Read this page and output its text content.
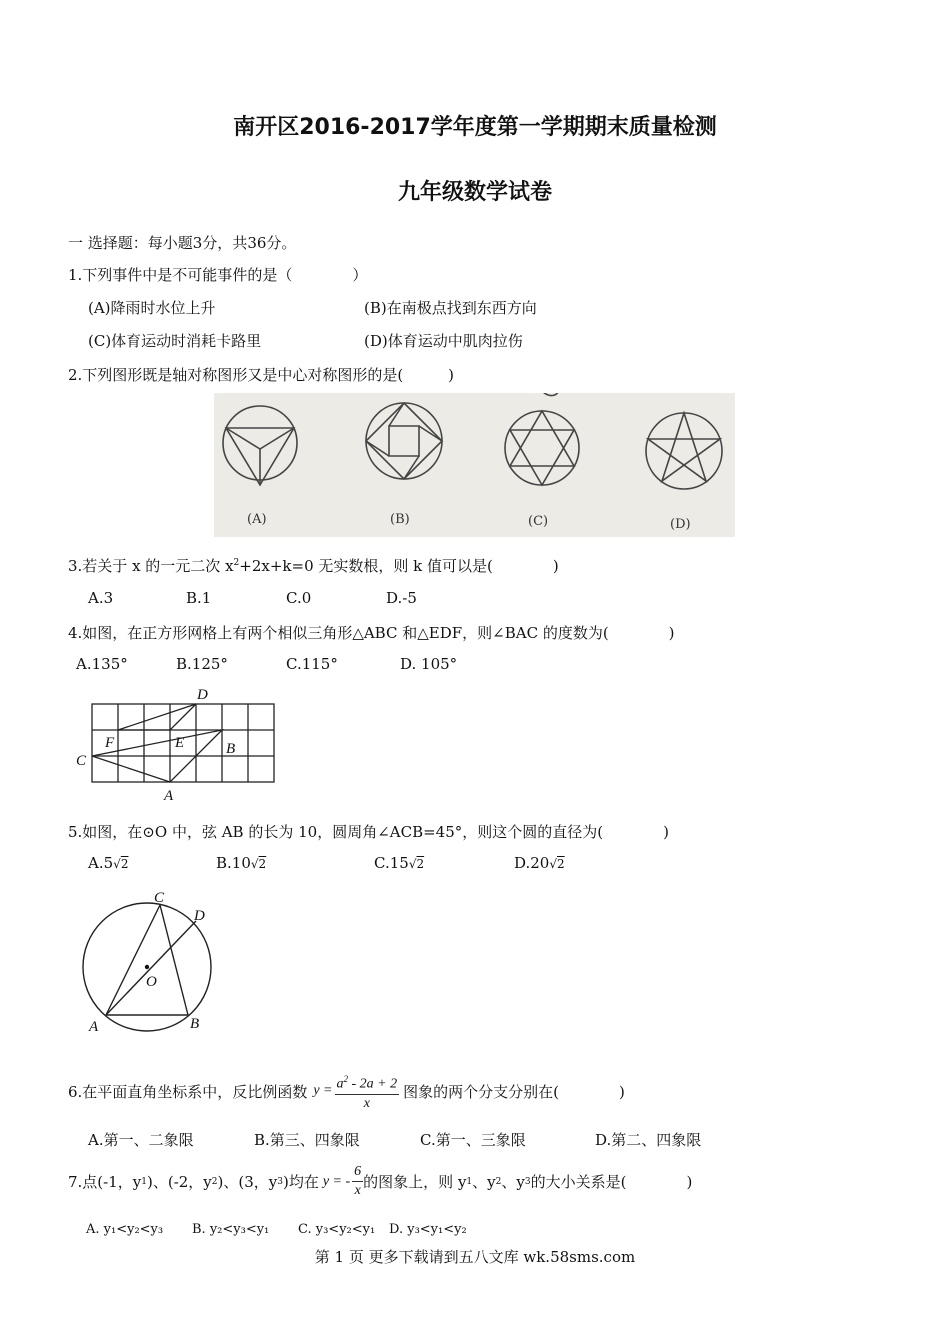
南开区2016-2017学年度第一学期期末质量检测
九年级数学试卷
一 选择题：每小题3分，共36分。
1.下列事件中是不可能事件的是（　　　　）
(A)降雨时水位上升	(B)在南极点找到东西方向
(C)体育运动时消耗卡路里	(D)体育运动中肌肉拉伤
2.下列图形既是轴对称图形又是中心对称图形的是(　　　)
(A)	(B)	(C)	(D)
3.若关于 x 的一元二次 $x^2+2x+k=0$ 无实数根，则 k 值可以是(　　　　)
A.3	B.1	C.0	D.-5
4.如图，在正方形网格上有两个相似三角形△ABC 和△EDF，则∠BAC 的度数为(　　　　)
A.135°	B.125°	C.115°	D. 105°
D
F	E	B
C
A
5.如图，在⊙O 中，弦 AB 的长为 10，圆周角∠ACB=45°，则这个圆的直径为(　　　　)
A.5√2	B.10√2	C.15√2	D.20√2
C
D
O
A	B
6.在平面直角坐标系中，反比例函数 $y = \frac{a^2 - 2a + 2}{x}$ 图象的两个分支分别在(　　　　)
A.第一、二象限	B.第三、四象限	C.第一、三象限	D.第二、四象限
7.点(-1，y 1 )、(-2，y 2 )、(3，y 3 )均在 y = - $\frac{6}{x}$ 的图象上，则 y 1 、y 2 、y 3 的大小关系是(　　　　)
A. y₁<y₂<y₃ B. y₂<y₃<y₁ C. y₃<y₂<y₁ D. y₃<y₁<y₂
第 1 页 更多下载请到五八文库 wk.58sms.com
